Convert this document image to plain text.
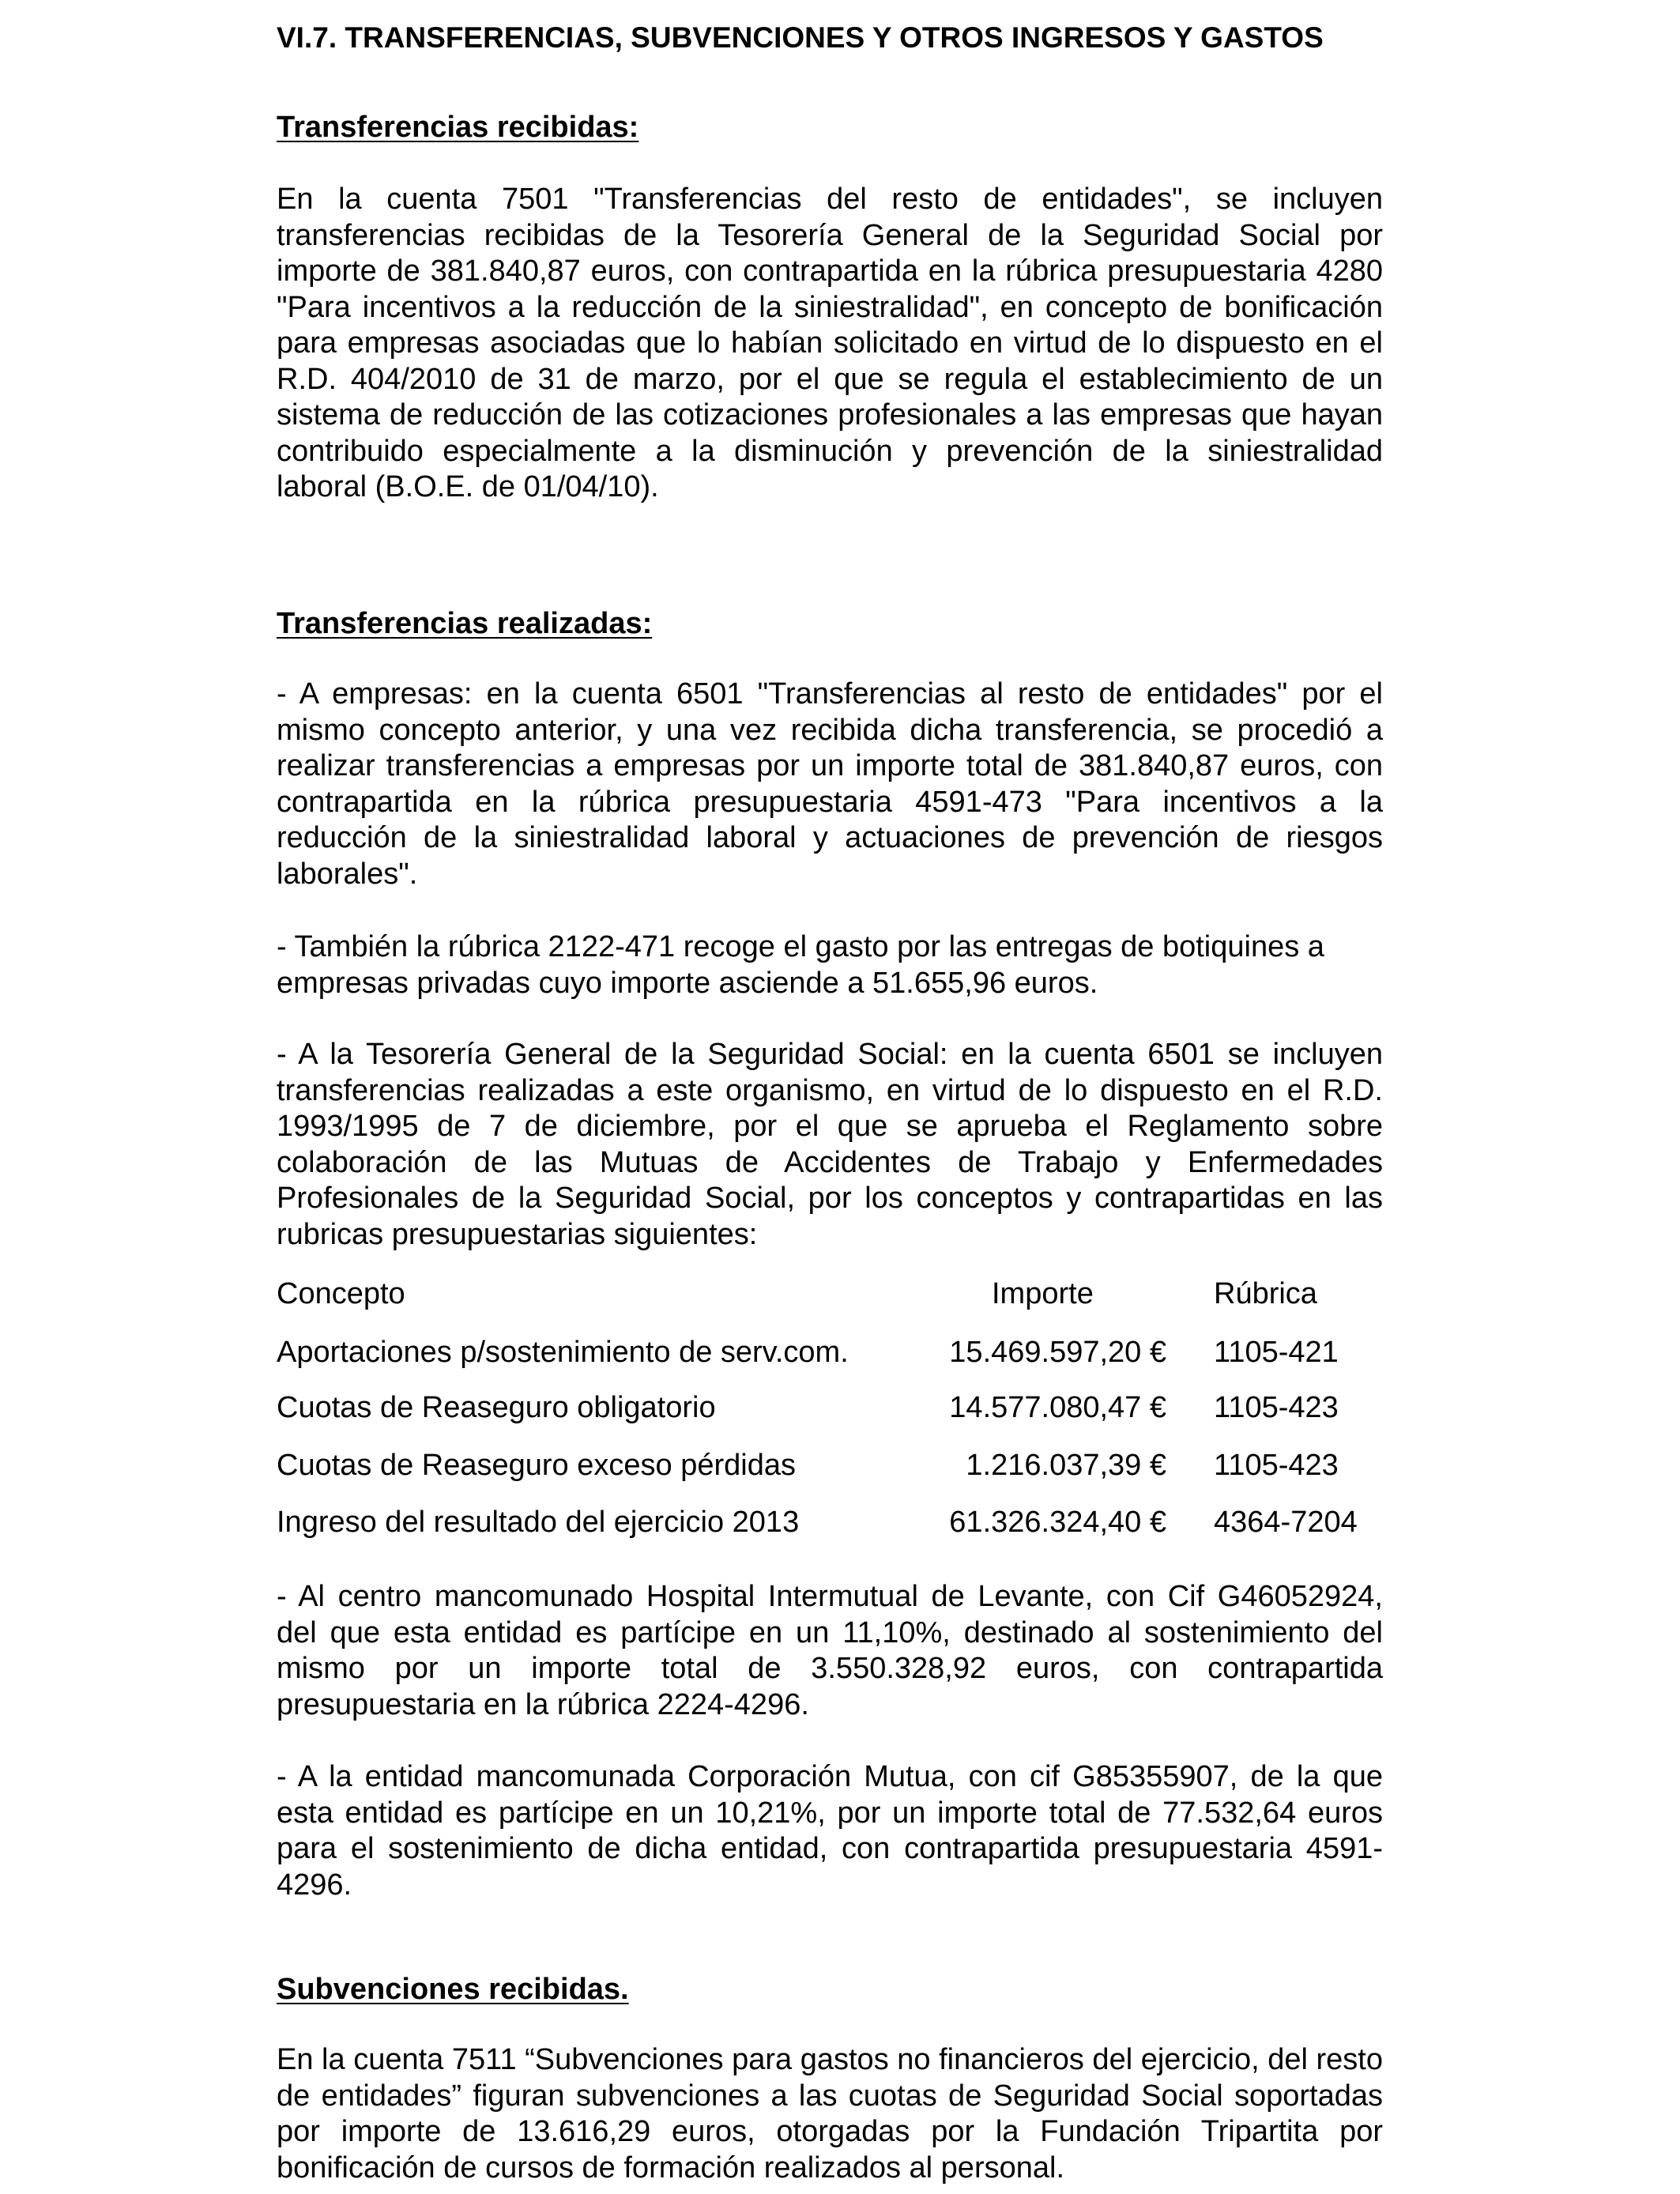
VI.7. TRANSFERENCIAS, SUBVENCIONES Y OTROS INGRESOS Y GASTOS
Transferencias recibidas:

En la cuenta 7501 "Transferencias del resto de entidades", se incluyen transferencias recibidas de la Tesorería General de la Seguridad Social por importe de 381.840,87 euros, con contrapartida en la rúbrica presupuestaria 4280 "Para incentivos a la reducción de la siniestralidad", en concepto de bonificación para empresas asociadas que lo habían solicitado en virtud de lo dispuesto en el R.D. 404/2010 de 31 de marzo, por el que se regula el establecimiento de un sistema de reducción de las cotizaciones profesionales a las empresas que hayan contribuido especialmente a la disminución y prevención de la siniestralidad laboral (B.O.E. de 01/04/10).

Transferencias realizadas:

- A empresas: en la cuenta 6501 "Transferencias al resto de entidades" por el mismo concepto anterior, y una vez recibida dicha transferencia, se procedió a realizar transferencias a empresas por un importe total de 381.840,87 euros, con contrapartida en la rúbrica presupuestaria 4591-473 "Para incentivos a la reducción de la siniestralidad laboral y actuaciones de prevención de riesgos laborales".

- También la rúbrica 2122-471 recoge el gasto por las entregas de botiquines a empresas privadas cuyo importe asciende a 51.655,96 euros.

- A la Tesorería General de la Seguridad Social: en la cuenta 6501 se incluyen transferencias realizadas a este organismo, en virtud de lo dispuesto en el R.D. 1993/1995 de 7 de diciembre, por el que se aprueba el Reglamento sobre colaboración de las Mutuas de Accidentes de Trabajo y Enfermedades Profesionales de la Seguridad Social, por los conceptos y contrapartidas en las rubricas presupuestarias siguientes:

Concepto	Importe	Rúbrica
Aportaciones p/sostenimiento de serv.com.	15.469.597,20 € 1105-421
Cuotas de Reaseguro obligatorio	14.577.080,47 € 1105-423
Cuotas de Reaseguro exceso pérdidas	1.216.037,39 € 1105-423
Ingreso del resultado del ejercicio 2013	61.326.324,40 € 4364-7204

- Al centro mancomunado Hospital Intermutual de Levante, con Cif G46052924, del que esta entidad es partícipe en un 11,10%, destinado al sostenimiento del mismo por un importe total de 3.550.328,92 euros, con contrapartida presupuestaria en la rúbrica 2224-4296.

- A la entidad mancomunada Corporación Mutua, con cif G85355907, de la que esta entidad es partícipe en un 10,21%, por un importe total de 77.532,64 euros para el sostenimiento de dicha entidad, con contrapartida presupuestaria 4591-4296.

Subvenciones recibidas.

En la cuenta 7511 “Subvenciones para gastos no financieros del ejercicio, del resto de entidades” figuran subvenciones a las cuotas de Seguridad Social soportadas por importe de 13.616,29 euros, otorgadas por la Fundación Tripartita por bonificación de cursos de formación realizados al personal.
